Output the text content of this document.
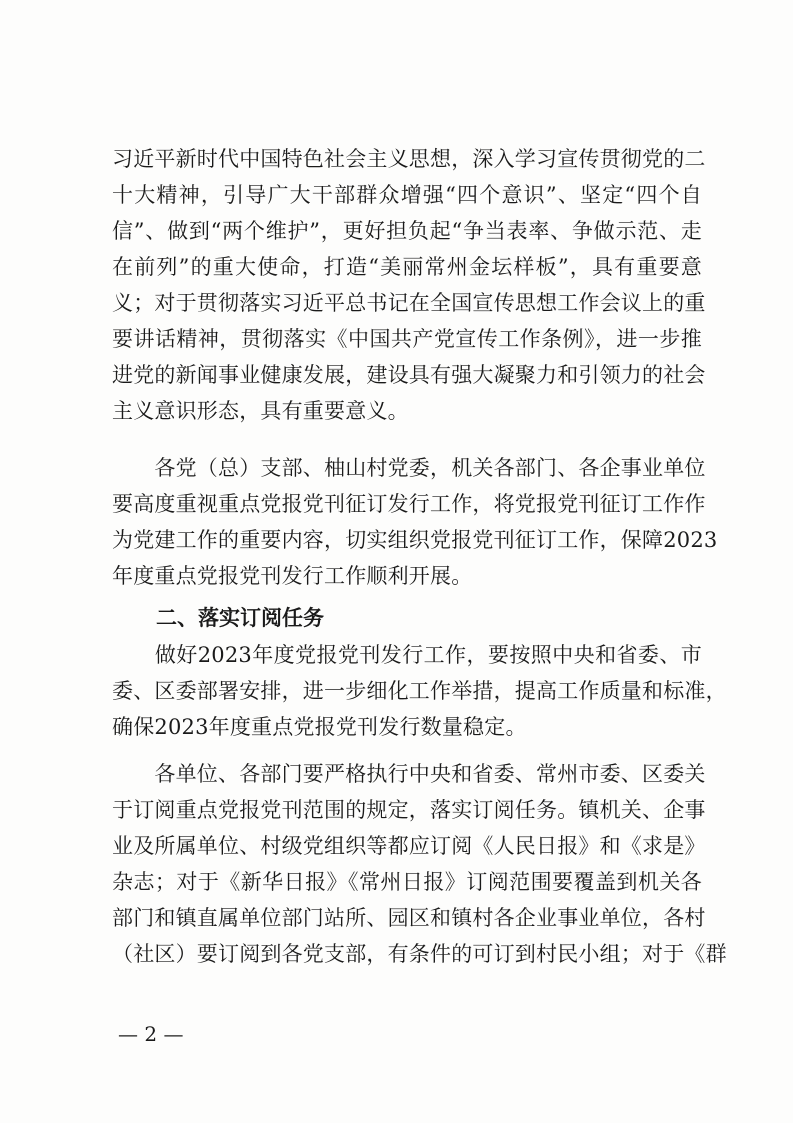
习近平新时代中国特色社会主义思想，深入学习宣传贯彻党的二
十大精神，引导广大干部群众增强“四个意识”、坚定“四个自
信”、做到“两个维护”，更好担负起“争当表率、争做示范、走
在前列”的重大使命，打造“美丽常州金坛样板”，具有重要意
义；对于贯彻落实习近平总书记在全国宣传思想工作会议上的重
要讲话精神，贯彻落实《中国共产党宣传工作条例》，进一步推
进党的新闻事业健康发展，建设具有强大凝聚力和引领力的社会
主义意识形态，具有重要意义。
　　各党（总）支部、柚山村党委，机关各部门、各企事业单位
要高度重视重点党报党刊征订发行工作，将党报党刊征订工作作
为党建工作的重要内容，切实组织党报党刊征订工作，保障2023
年度重点党报党刊发行工作顺利开展。
二、落实订阅任务
　　做好2023年度党报党刊发行工作，要按照中央和省委、市
委、区委部署安排，进一步细化工作举措，提高工作质量和标准，
确保2023年度重点党报党刊发行数量稳定。
　　各单位、各部门要严格执行中央和省委、常州市委、区委关
于订阅重点党报党刊范围的规定，落实订阅任务。镇机关、企事
业及所属单位、村级党组织等都应订阅《人民日报》和《求是》
杂志；对于《新华日报》《常州日报》订阅范围要覆盖到机关各
部门和镇直属单位部门站所、园区和镇村各企业事业单位，各村
（社区）要订阅到各党支部，有条件的可订到村民小组；对于《群
— 2 —
